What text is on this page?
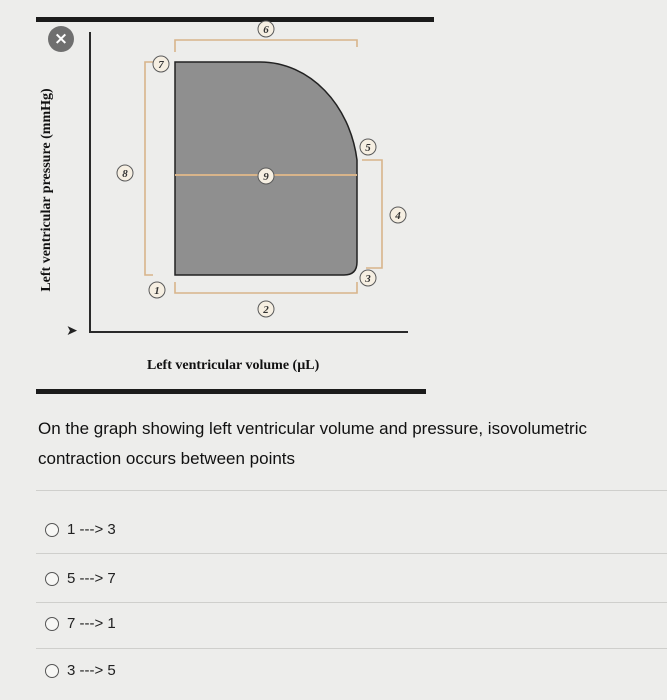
×
Left ventricular pressure (mmHg)	1
2
3
4
5
6
7
8	9
Left ventricular volume (µL)
➤
On the graph showing left ventricular volume and pressure, isovolumetric contraction occurs between points
1 ---> 3
5 ---> 7
7 ---> 1
3 ---> 5
